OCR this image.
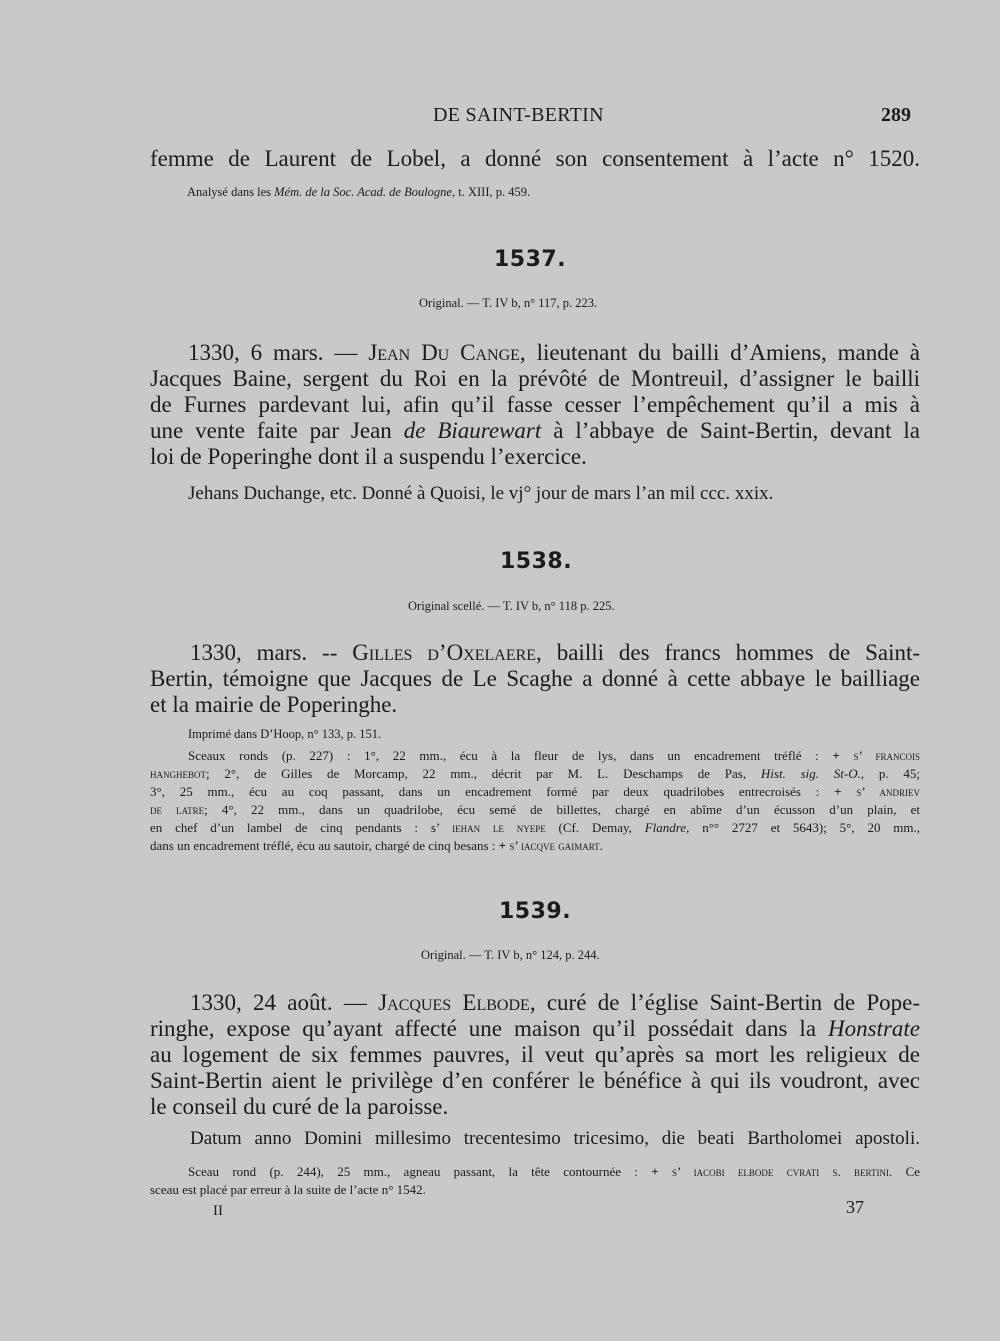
DE SAINT-BERTIN	289
femme de Laurent de Lobel, a donné son consentement à l’acte n° 1520.
Analysé dans les Mém. de la Soc. Acad. de Boulogne, t. XIII, p. 459.
1537.
Original. — T. IV b, n° 117, p. 223.
1330, 6 mars. — Jean Du Cange, lieutenant du bailli d’Amiens, mande à
Jacques Baine, sergent du Roi en la prévôté de Montreuil, d’assigner le bailli
de Furnes pardevant lui, afin qu’il fasse cesser l’empêchement qu’il a mis à
une vente faite par Jean de Biaurewart à l’abbaye de Saint-Bertin, devant la
loi de Poperinghe dont il a suspendu l’exercice.
Jehans Duchange, etc. Donné à Quoisi, le vj° jour de mars l’an mil ccc. xxix.
1538.
Original scellé. — T. IV b, n° 118 p. 225.
1330, mars. -- Gilles d’Oxelaere, bailli des francs hommes de Saint-
Bertin, témoigne que Jacques de Le Scaghe a donné à cette abbaye le bailliage
et la mairie de Poperinghe.
Imprimé dans D’Hoop, n° 133, p. 151.
Sceaux ronds (p. 227) : 1°, 22 mm., écu à la fleur de lys, dans un encadrement tréflé : + s’ francois
hanghebot; 2°, de Gilles de Morcamp, 22 mm., décrit par M. L. Deschamps de Pas, Hist. sig. St-O., p. 45;
3°, 25 mm., écu au coq passant, dans un encadrement formé par deux quadrilobes entrecroisés : + s’ andriev
de latre; 4°, 22 mm., dans un quadrilobe, écu semé de billettes, chargé en abîme d’un écusson d’un plain, et
en chef d’un lambel de cinq pendants : s’ iehan le nyepe (Cf. Demay, Flandre, n°° 2727 et 5643); 5°, 20 mm.,
dans un encadrement tréflé, écu au sautoir, chargé de cinq besans : + s’ iacqve gaimart.
1539.
Original. — T. IV b, n° 124, p. 244.
1330, 24 août. — Jacques Elbode, curé de l’église Saint-Bertin de Pope-
ringhe, expose qu’ayant affecté une maison qu’il possédait dans la Honstrate
au logement de six femmes pauvres, il veut qu’après sa mort les religieux de
Saint-Bertin aient le privilège d’en conférer le bénéfice à qui ils voudront, avec
le conseil du curé de la paroisse.
Datum anno Domini millesimo trecentesimo tricesimo, die beati Bartholomei apostoli.
Sceau rond (p. 244), 25 mm., agneau passant, la tête contournée : + s’ iacobi elbode cvrati s. bertini. Ce
sceau est placé par erreur à la suite de l’acte n° 1542.
II	37
